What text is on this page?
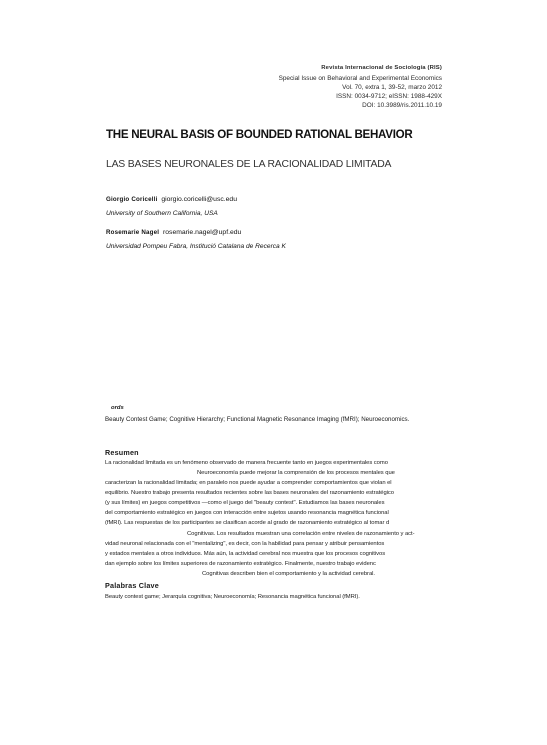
Revista Internacional de Sociología (RIS)
Special Issue on Behavioral and Experimental Economics
Vol. 70, extra 1, 39-52, marzo 2012
ISSN: 0034-9712; eISSN: 1988-429X
DOI: 10.3989/ris.2011.10.19
THE NEURAL BASIS OF BOUNDED RATIONAL BEHAVIOR
LAS BASES NEURONALES DE LA RACIONALIDAD LIMITADA
Giorgio Coricelli giorgio.coricelli@usc.edu
University of Southern California, USA
Rosemarie Nagel rosemarie.nagel@upf.edu
Universidad Pompeu Fabra, Institució Catalana de Recerca K
ords
Beauty Contest Game; Cognitive Hierarchy; Functional Magnetic Resonance Imaging (fMRI); Neuroeconomics.
Resumen
La racionalidad limitada es un fenómeno observado de manera frecuente tanto en juegos experimentales como
Neuroeconomía puede mejorar la comprensión de los procesos mentales que
caracterizan la racionalidad limitada; en paralelo nos puede ayudar a comprender comportamientos que violan el
equilibrio. Nuestro trabajo presenta resultados recientes sobre las bases neuronales del razonamiento estratégico
(y sus límites) en juegos competitivos —como el juego del "beauty contest". Estudiamos las bases neuronales
del comportamiento estratégico en juegos con interacción entre sujetos usando resonancia magnética funcional
(fMRI). Las respuestas de los participantes se clasifican acorde al grado de razonamiento estratégico al tomar d
Cognitivas. Los resultados muestran una correlación entre niveles de razonamiento y act-
vidad neuronal relacionada con el "mentalizing", es decir, con la habilidad para pensar y atribuir pensamientos
y estados mentales a otros individuos. Más aún, la actividad cerebral nos muestra que los procesos cognitivos
dan ejemplo sobre los límites superiores de razonamiento estratégico. Finalmente, nuestro trabajo evidenc
Cognitivas describen bien el comportamiento y la actividad cerebral.
Palabras Clave
Beauty contest game; Jerarquía cognitiva; Neuroeconomía; Resonancia magnética funcional (fMRI).
